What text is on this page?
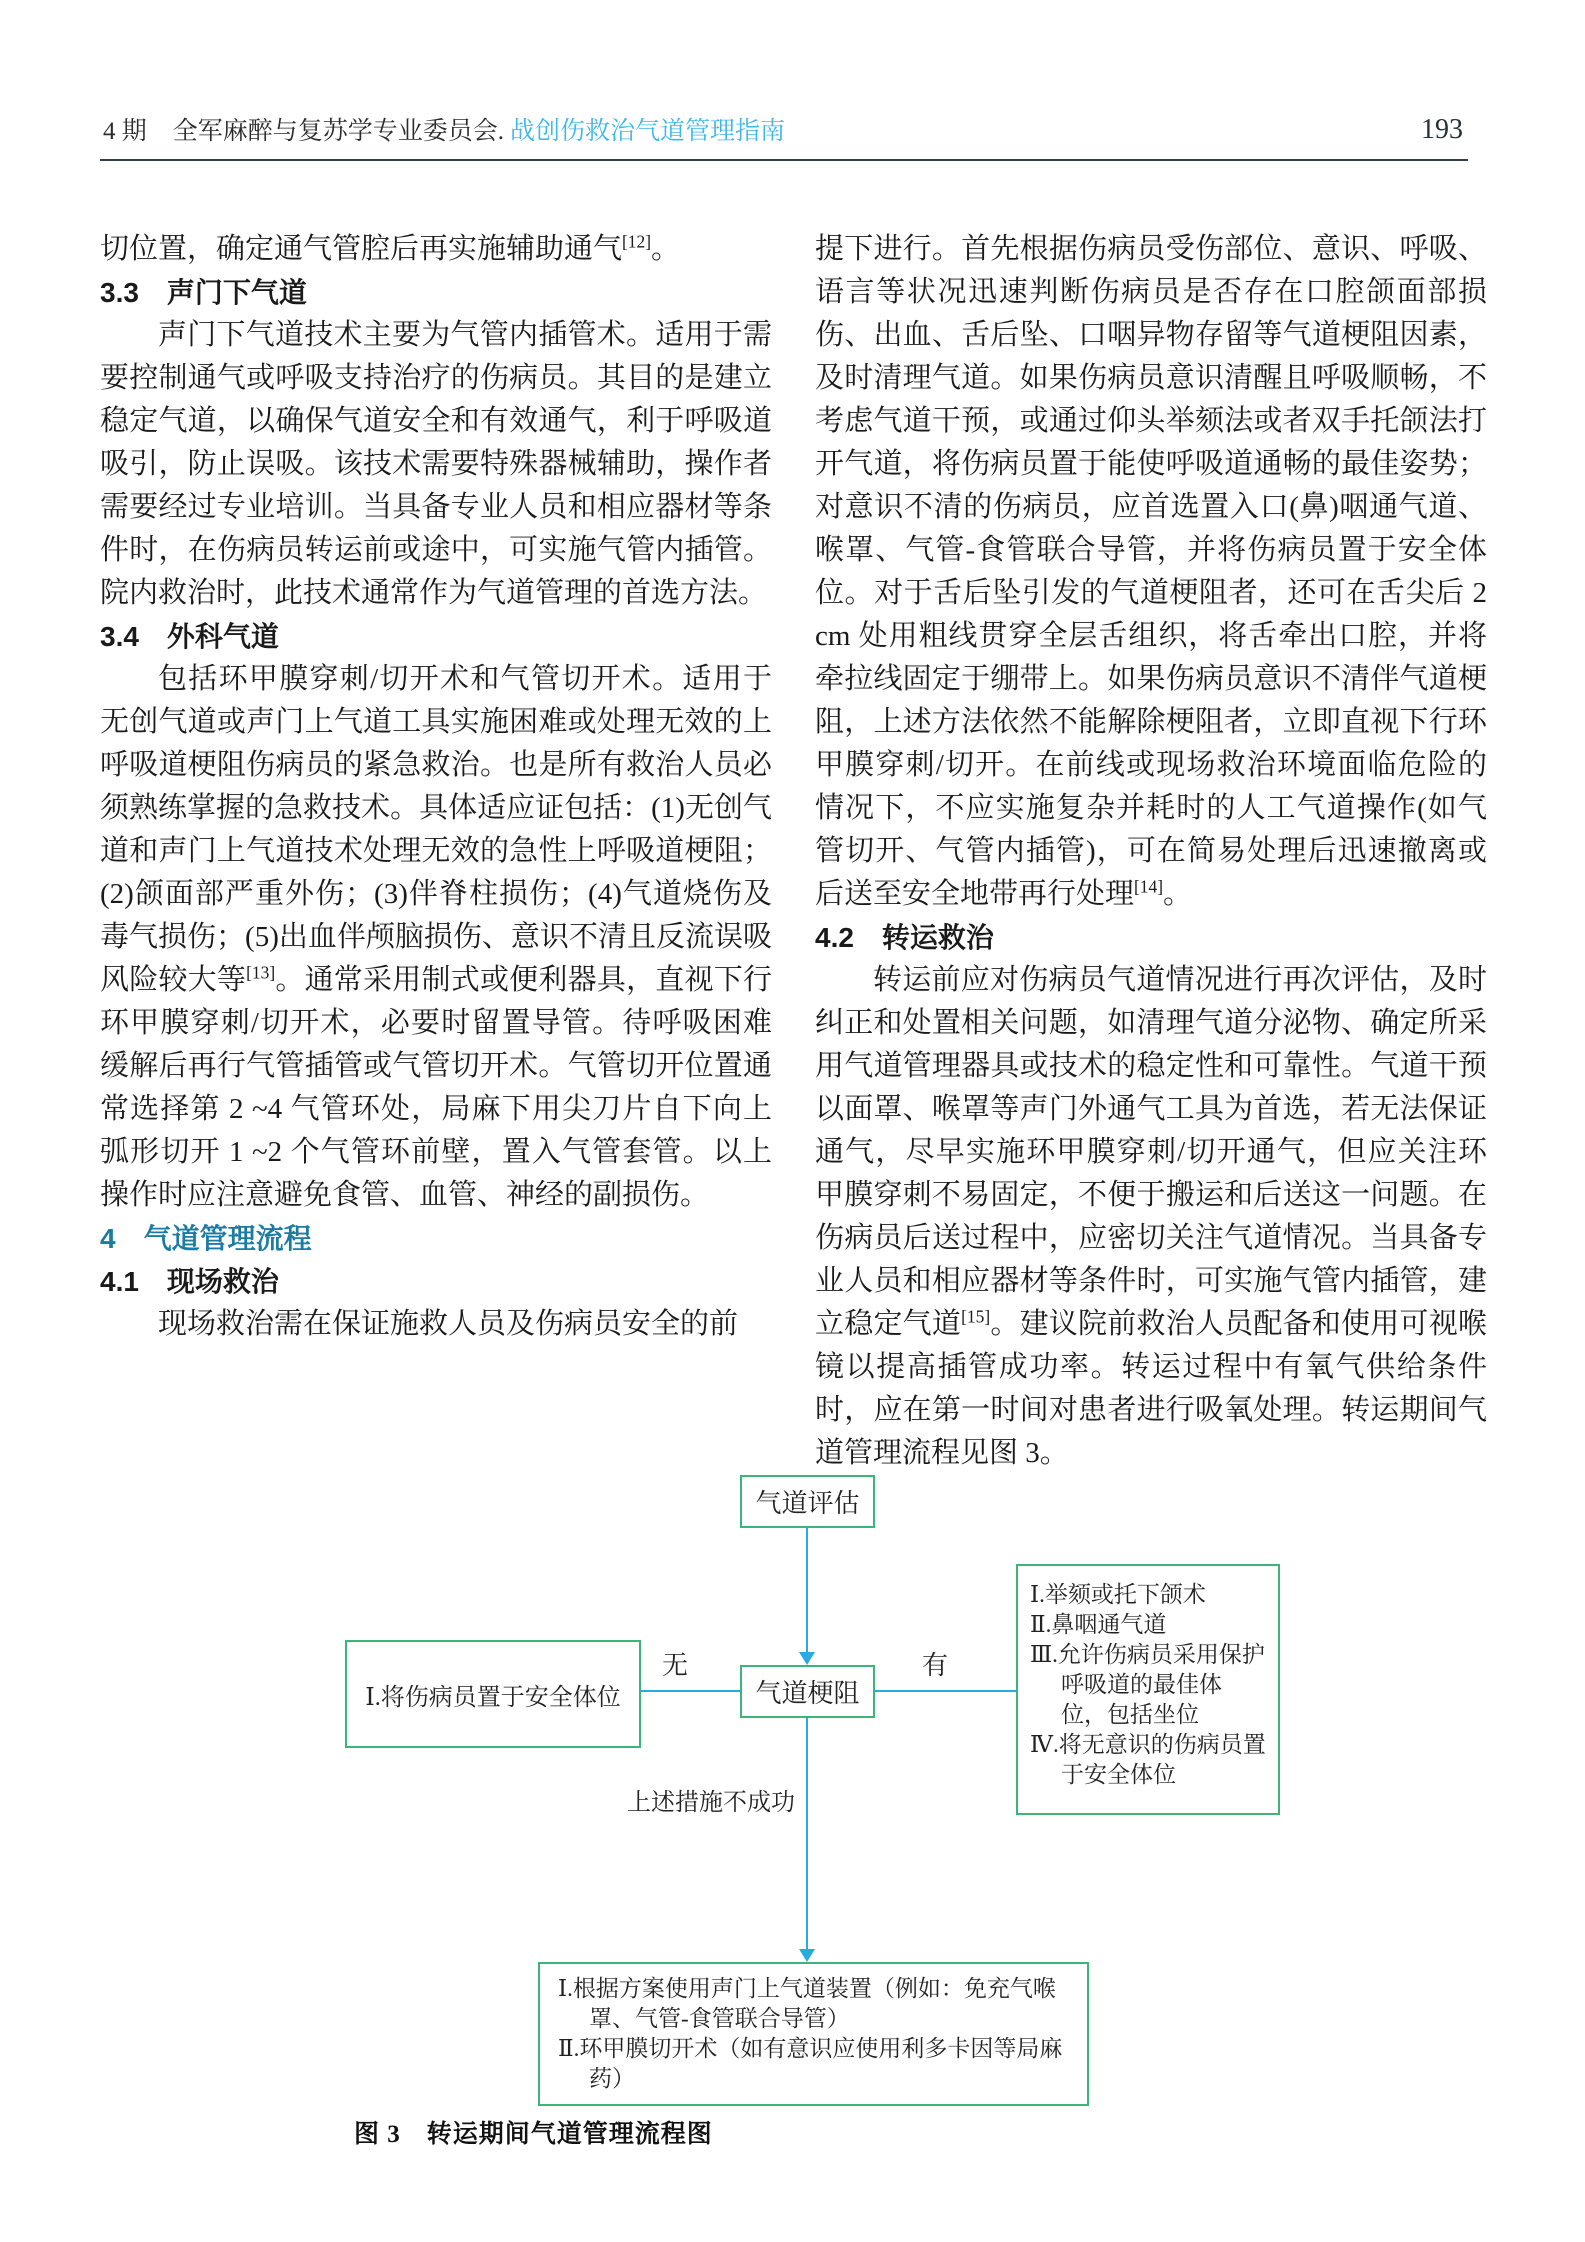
4 期 全军麻醉与复苏学专业委员会. 战创伤救治气道管理指南	193

切位置，确定通气管腔后再实施辅助通气[12]。

3.3　声门下气道

声门下气道技术主要为气管内插管术。适用于需要控制通气或呼吸支持治疗的伤病员。其目的是建立稳定气道，以确保气道安全和有效通气，利于呼吸道吸引，防止误吸。该技术需要特殊器械辅助，操作者需要经过专业培训。当具备专业人员和相应器材等条件时，在伤病员转运前或途中，可实施气管内插管。院内救治时，此技术通常作为气道管理的首选方法。

3.4　外科气道

包括环甲膜穿刺/切开术和气管切开术。适用于无创气道或声门上气道工具实施困难或处理无效的上呼吸道梗阻伤病员的紧急救治。也是所有救治人员必须熟练掌握的急救技术。具体适应证包括：(1)无创气道和声门上气道技术处理无效的急性上呼吸道梗阻；(2)颌面部严重外伤；(3)伴脊柱损伤；(4)气道烧伤及毒气损伤；(5)出血伴颅脑损伤、意识不清且反流误吸风险较大等[13]。通常采用制式或便利器具，直视下行环甲膜穿刺/切开术，必要时留置导管。待呼吸困难缓解后再行气管插管或气管切开术。气管切开位置通常选择第 2 ~4 气管环处，局麻下用尖刀片自下向上弧形切开 1 ~2 个气管环前壁，置入气管套管。以上操作时应注意避免食管、血管、神经的副损伤。

4　气道管理流程

4.1　现场救治

现场救治需在保证施救人员及伤病员安全的前

提下进行。首先根据伤病员受伤部位、意识、呼吸、语言等状况迅速判断伤病员是否存在口腔颌面部损伤、出血、舌后坠、口咽异物存留等气道梗阻因素，及时清理气道。如果伤病员意识清醒且呼吸顺畅，不考虑气道干预，或通过仰头举颏法或者双手托颌法打开气道，将伤病员置于能使呼吸道通畅的最佳姿势；对意识不清的伤病员，应首选置入口(鼻)咽通气道、喉罩、气管-食管联合导管，并将伤病员置于安全体位。对于舌后坠引发的气道梗阻者，还可在舌尖后 2 cm 处用粗线贯穿全层舌组织，将舌牵出口腔，并将牵拉线固定于绷带上。如果伤病员意识不清伴气道梗阻，上述方法依然不能解除梗阻者，立即直视下行环甲膜穿刺/切开。在前线或现场救治环境面临危险的情况下，不应实施复杂并耗时的人工气道操作(如气管切开、气管内插管)，可在简易处理后迅速撤离或后送至安全地带再行处理[14]。

4.2　转运救治

转运前应对伤病员气道情况进行再次评估，及时纠正和处置相关问题，如清理气道分泌物、确定所采用气道管理器具或技术的稳定性和可靠性。气道干预以面罩、喉罩等声门外通气工具为首选，若无法保证通气，尽早实施环甲膜穿刺/切开通气，但应关注环甲膜穿刺不易固定，不便于搬运和后送这一问题。在伤病员后送过程中，应密切关注气道情况。当具备专业人员和相应器材等条件时，可实施气管内插管，建立稳定气道[15]。建议院前救治人员配备和使用可视喉镜以提高插管成功率。转运过程中有氧气供给条件时，应在第一时间对患者进行吸氧处理。转运期间气道管理流程见图 3。

气道评估
气道梗阻
无
Ⅰ.将伤病员置于安全体位
有
Ⅰ.举颏或托下颌术
Ⅱ.鼻咽通气道
Ⅲ.允许伤病员采用保护呼吸道的最佳体位，包括坐位
Ⅳ.将无意识的伤病员置于安全体位
上述措施不成功
Ⅰ.根据方案使用声门上气道装置（例如：免充气喉罩、气管-食管联合导管）
Ⅱ.环甲膜切开术（如有意识应使用利多卡因等局麻药）
图 3　转运期间气道管理流程图
